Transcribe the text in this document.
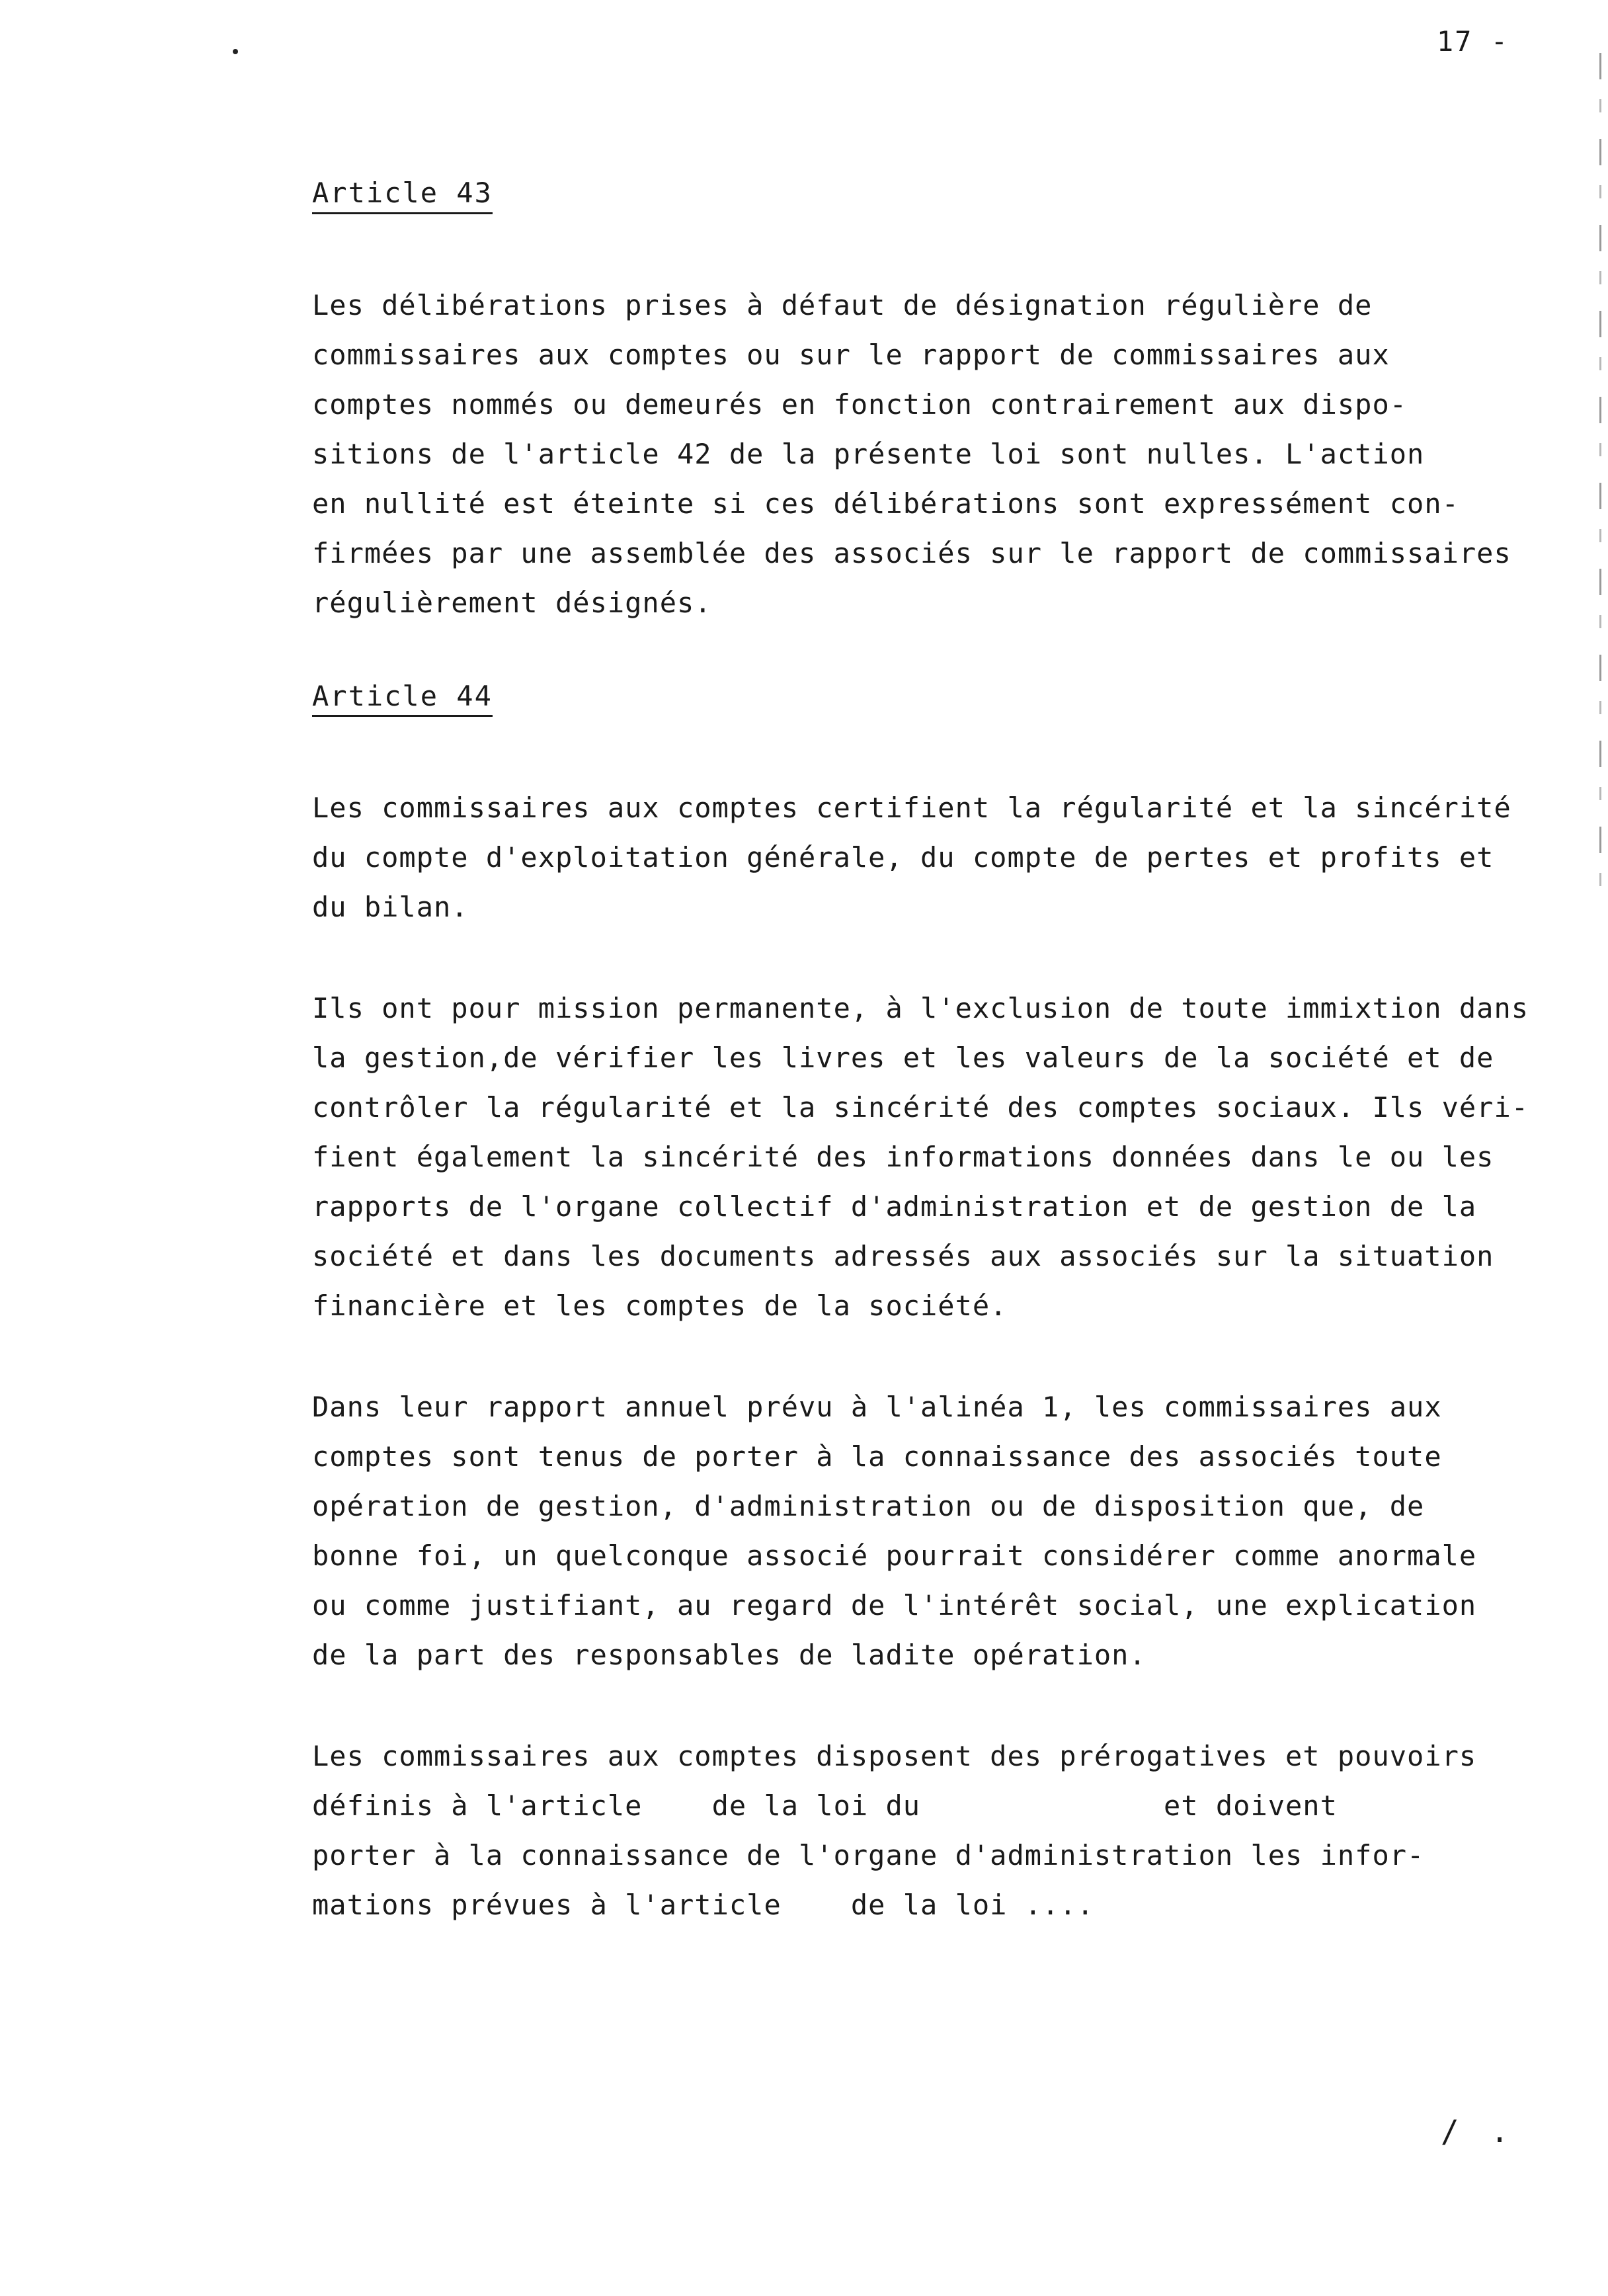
17 -
Article 43

Les délibérations prises à défaut de désignation régulière de
commissaires aux comptes ou sur le rapport de commissaires aux
comptes nommés ou demeurés en fonction contrairement aux dispo-
sitions de l'article 42 de la présente loi sont nulles. L'action
en nullité est éteinte si ces délibérations sont expressément con-
firmées par une assemblée des associés sur le rapport de commissaires
régulièrement désignés.

Article 44

Les commissaires aux comptes certifient la régularité et la sincérité
du compte d'exploitation générale, du compte de pertes et profits et
du bilan.

Ils ont pour mission permanente, à l'exclusion de toute immixtion dans
la gestion,de vérifier les livres et les valeurs de la société et de
contrôler la régularité et la sincérité des comptes sociaux. Ils véri-
fient également la sincérité des informations données dans le ou les
rapports de l'organe collectif d'administration et de gestion de la
société et dans les documents adressés aux associés sur la situation
financière et les comptes de la société.

Dans leur rapport annuel prévu à l'alinéa 1, les commissaires aux
comptes sont tenus de porter à la connaissance des associés toute
opération de gestion, d'administration ou de disposition que, de
bonne foi, un quelconque associé pourrait considérer comme anormale
ou comme justifiant, au regard de l'intérêt social, une explication
de la part des responsables de ladite opération.

Les commissaires aux comptes disposent des prérogatives et pouvoirs
définis à l'article    de la loi du              et doivent
porter à la connaissance de l'organe d'administration les infor-
mations prévues à l'article    de la loi ....

/ .
